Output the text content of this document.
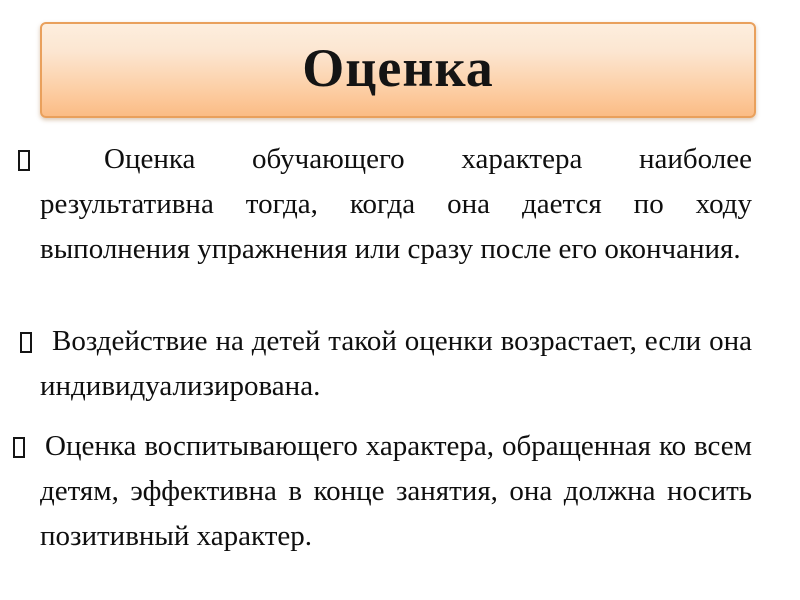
Оценка
Оценка обучающего характера наиболее результативна тогда, когда она дается по ходу выполнения упражнения или сразу после его окончания.
Воздействие на детей такой оценки возрастает, если она индивидуализирована.
Оценка воспитывающего характера, обращенная ко всем детям, эффективна в конце занятия, она должна носить позитивный характер.
